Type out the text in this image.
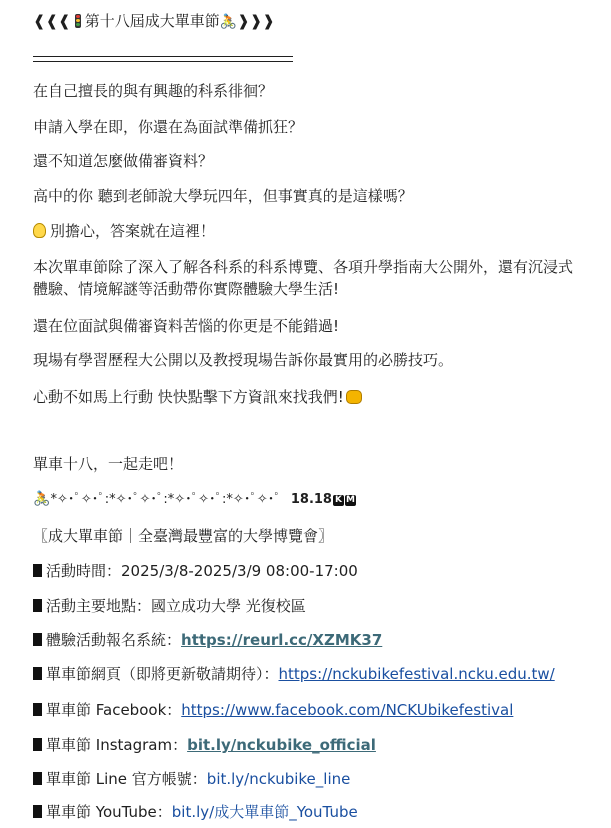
❰❰❰ 第十八屆成大單車節🚴❱❱❱
在自己擅長的與有興趣的科系徘徊？
申請入學在即，你還在為面試準備抓狂？
還不知道怎麼做備審資料？
高中的你 聽到老師說大學玩四年，但事實真的是這樣嗎？
別擔心，答案就在這裡！
本次單車節除了深入了解各科系的科系博覽、各項升學指南大公開外，還有沉浸式體驗、情境解謎等活動帶你實際體驗大學生活!
還在位面試與備審資料苦惱的你更是不能錯過!
現場有學習歷程大公開以及教授現場告訴你最實用的必勝技巧。
心動不如馬上行動 快快點擊下方資訊來找我們!
單車十八，一起走吧！
🚴*✧･ﾟ✧･ﾟ:*✧･ﾟ✧･ﾟ:*✧･ﾟ✧･ﾟ:*✧･ﾟ✧･ﾟ 18.18 K M
〖成大單車節｜全臺灣最豐富的大學博覽會〗
活動時間：2025/3/8-2025/3/9 08:00-17:00
活動主要地點：國立成功大學 光復校區
體驗活動報名系統：https://reurl.cc/XZMK37
單車節網頁（即將更新敬請期待）：https://nckubikefestival.ncku.edu.tw/
單車節 Facebook：https://www.facebook.com/NCKUbikefestival
單車節 Instagram：bit.ly/nckubike_official
單車節 Line 官方帳號：bit.ly/nckubike_line
單車節 YouTube：bit.ly/成大單車節_YouTube
